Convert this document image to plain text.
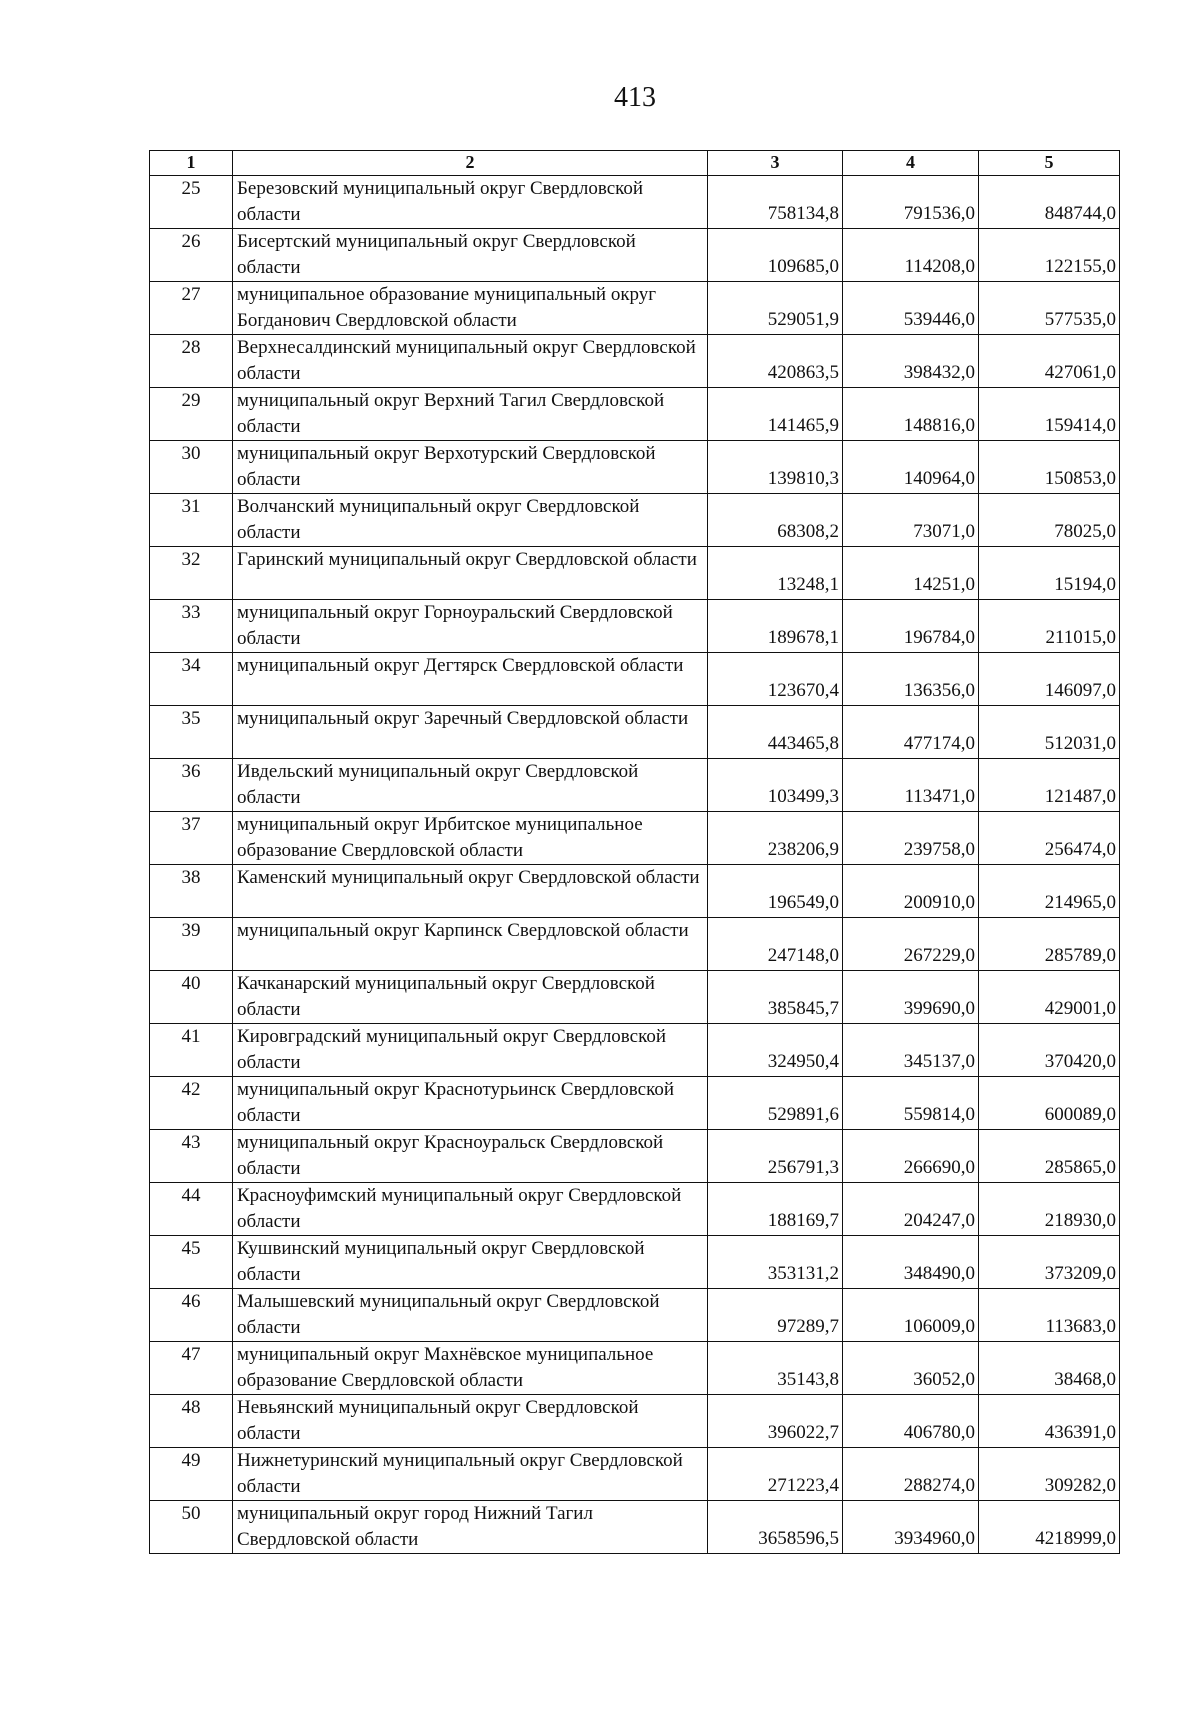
413
1	2	3	4	5
25	Березовский муниципальный округ Свердловской области	758134,8	791536,0	848744,0
26	Бисертский муниципальный округ Свердловской области	109685,0	114208,0	122155,0
27	муниципальное образование муниципальный округ Богданович Свердловской области	529051,9	539446,0	577535,0
28	Верхнесалдинский муниципальный округ Свердловской области	420863,5	398432,0	427061,0
29	муниципальный округ Верхний Тагил Свердловской области	141465,9	148816,0	159414,0
30	муниципальный округ Верхотурский Свердловской области	139810,3	140964,0	150853,0
31	Волчанский муниципальный округ Свердловской области	68308,2	73071,0	78025,0
32	Гаринский муниципальный округ Свердловской области	13248,1	14251,0	15194,0
33	муниципальный округ Горноуральский Свердловской области	189678,1	196784,0	211015,0
34	муниципальный округ Дегтярск Свердловской области	123670,4	136356,0	146097,0
35	муниципальный округ Заречный Свердловской области	443465,8	477174,0	512031,0
36	Ивдельский муниципальный округ Свердловской области	103499,3	113471,0	121487,0
37	муниципальный округ Ирбитское муниципальное образование Свердловской области	238206,9	239758,0	256474,0
38	Каменский муниципальный округ Свердловской области	196549,0	200910,0	214965,0
39	муниципальный округ Карпинск Свердловской области	247148,0	267229,0	285789,0
40	Качканарский муниципальный округ Свердловской области	385845,7	399690,0	429001,0
41	Кировградский муниципальный округ Свердловской области	324950,4	345137,0	370420,0
42	муниципальный округ Краснотурьинск Свердловской области	529891,6	559814,0	600089,0
43	муниципальный округ Красноуральск Свердловской области	256791,3	266690,0	285865,0
44	Красноуфимский муниципальный округ Свердловской области	188169,7	204247,0	218930,0
45	Кушвинский муниципальный округ Свердловской области	353131,2	348490,0	373209,0
46	Малышевский муниципальный округ Свердловской области	97289,7	106009,0	113683,0
47	муниципальный округ Махнёвское муниципальное образование Свердловской области	35143,8	36052,0	38468,0
48	Невьянский муниципальный округ Свердловской области	396022,7	406780,0	436391,0
49	Нижнетуринский муниципальный округ Свердловской области	271223,4	288274,0	309282,0
50	муниципальный округ город Нижний Тагил Свердловской области	3658596,5	3934960,0	4218999,0
